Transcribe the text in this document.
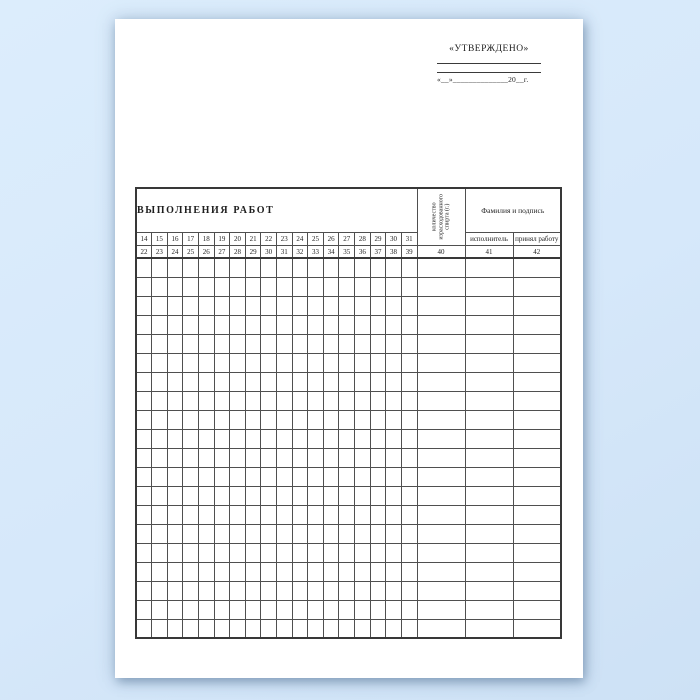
«УТВЕРЖДЕНО»
«__»______________20__г.
ВЫПОЛНЕНИЯ РАБОТ																		количество израсходованного спирта (г.)	Фамилия и подпись	
14	15	16	17	18	19	20	21	22	23	24	25	26	27	28	29	30	31		исполнитель	принял работу
22	23	24	25	26	27	28	29	30	31	32	33	34	35	36	37	38	39	40	41	42
